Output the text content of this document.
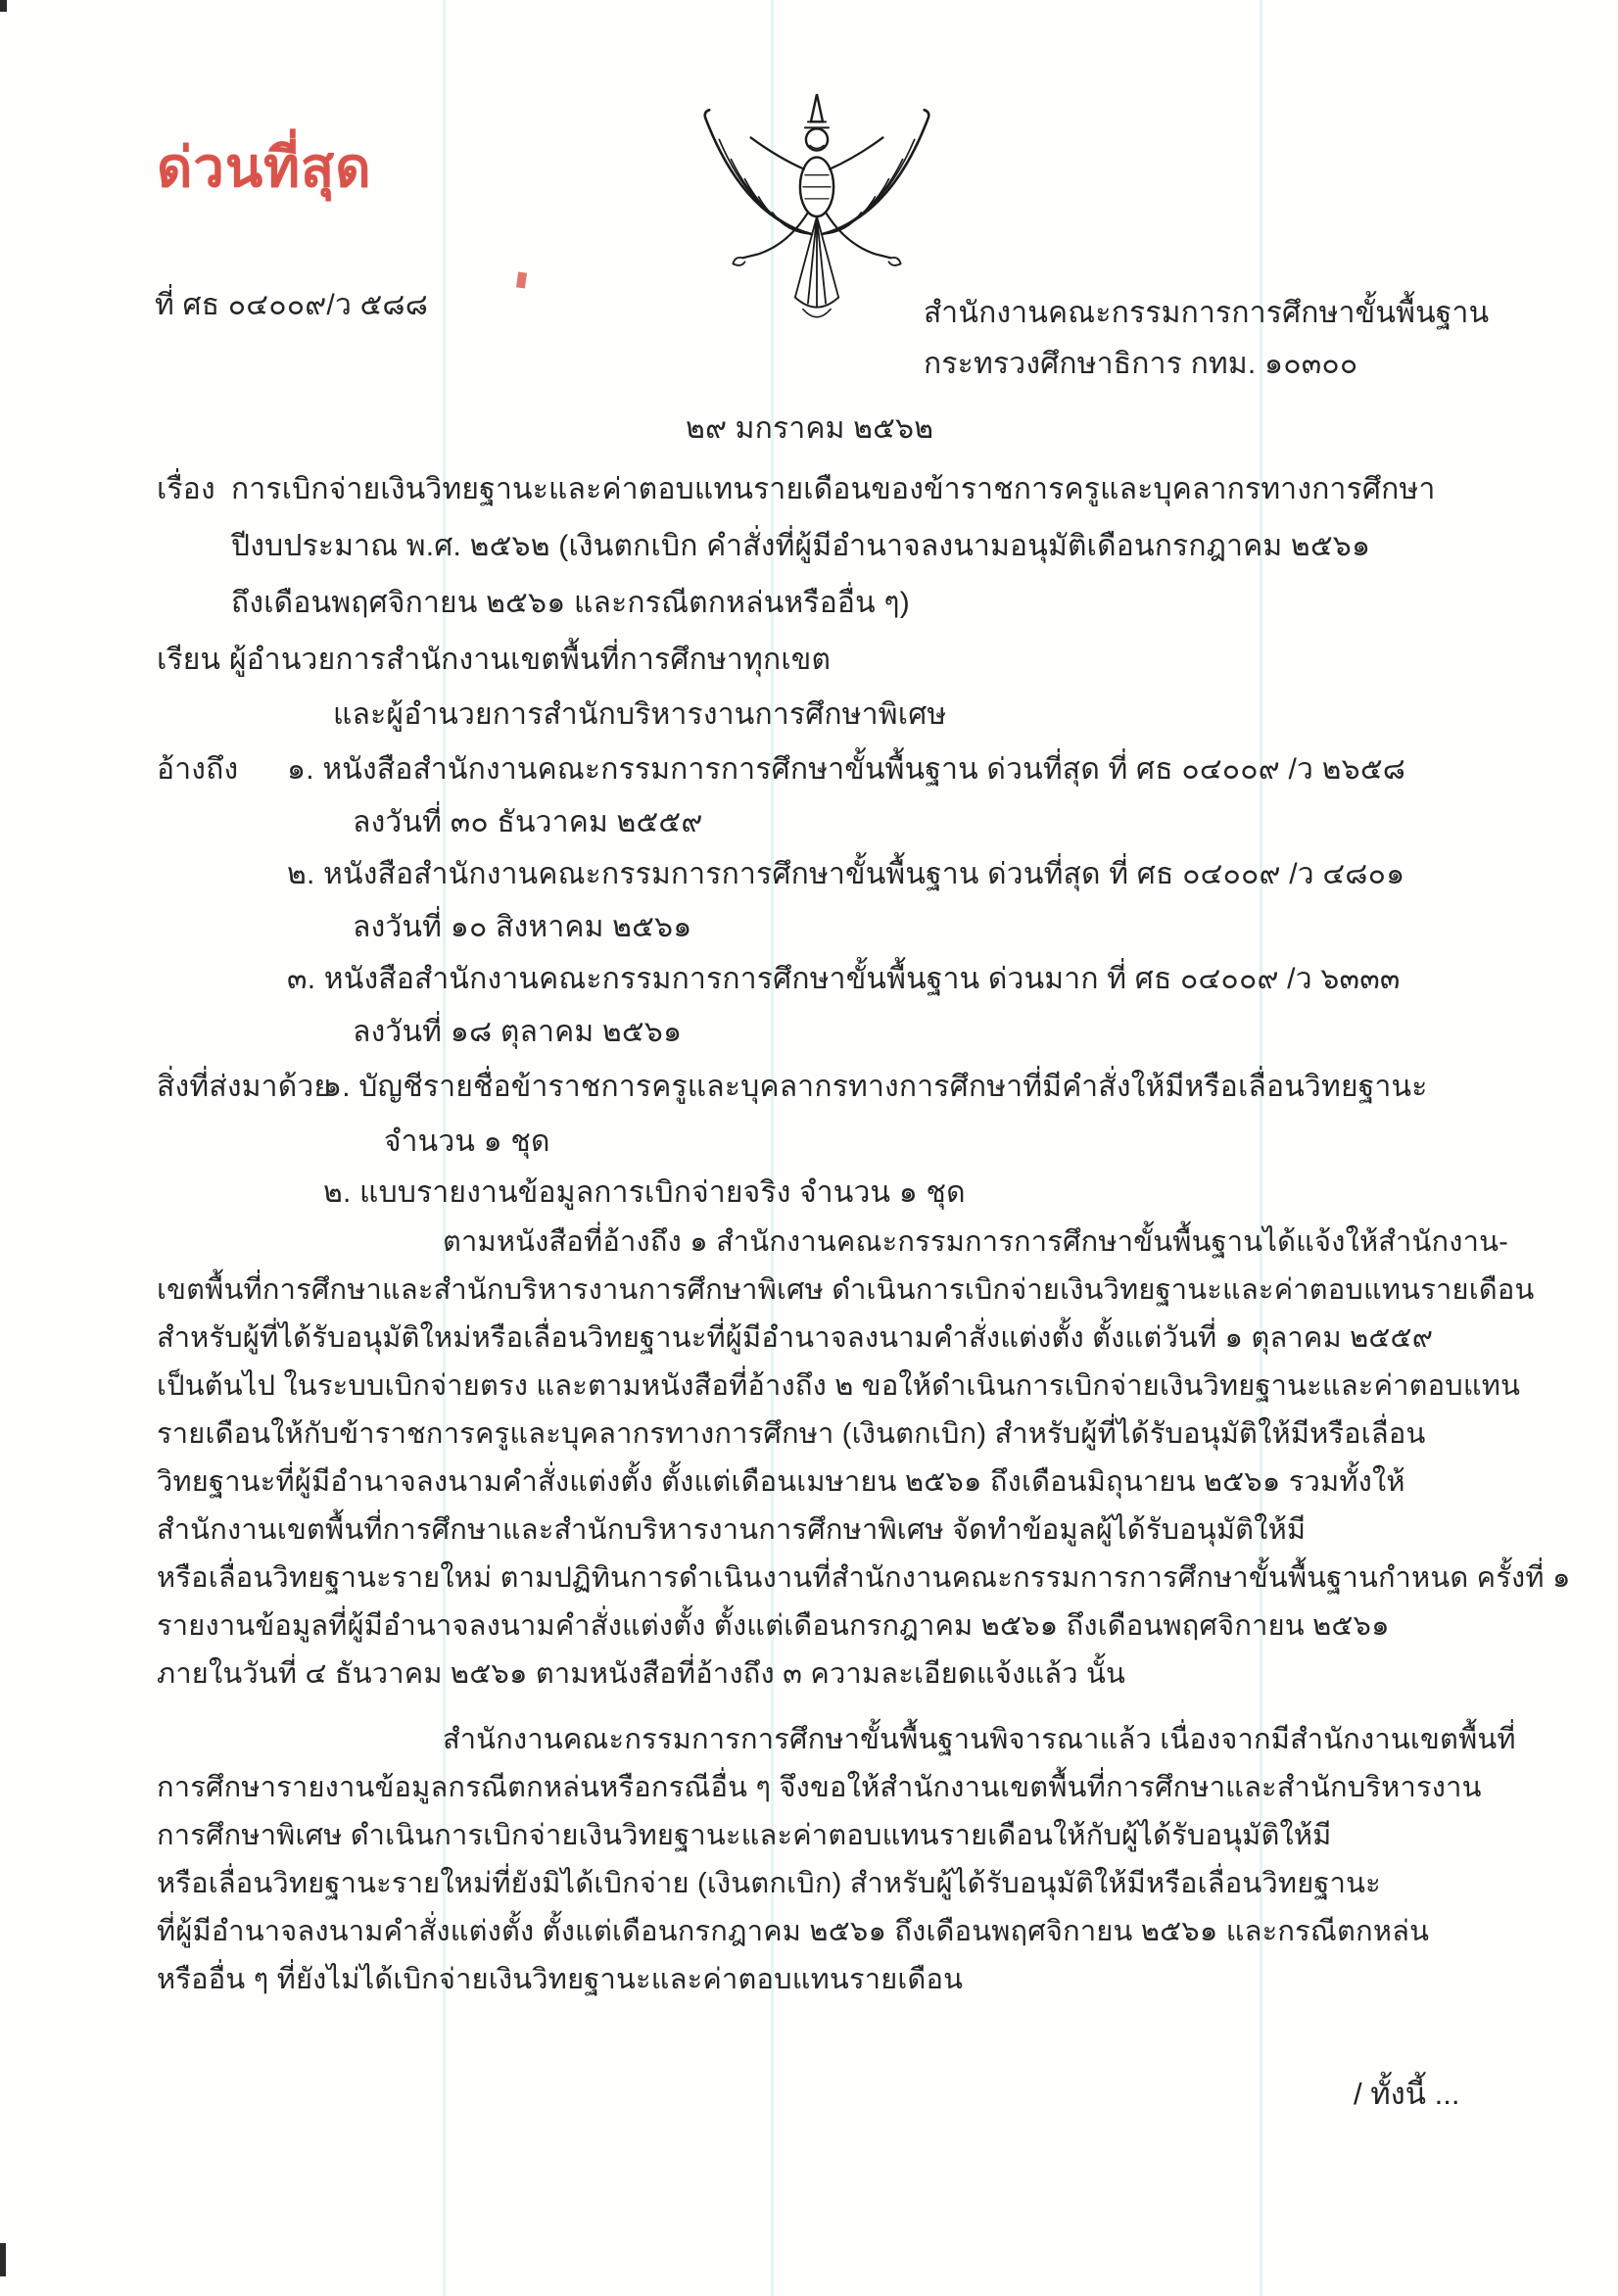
ด่วนที่สุด
ที่ ศธ ๐๔๐๐๙/ว ๕๘๘	สำนักงานคณะกรรมการการศึกษาขั้นพื้นฐาน
กระทรวงศึกษาธิการ กทม. ๑๐๓๐๐
๒๙ มกราคม ๒๕๖๒
เรื่อง การเบิกจ่ายเงินวิทยฐานะและค่าตอบแทนรายเดือนของข้าราชการครูและบุคลากรทางการศึกษา
ปีงบประมาณ พ.ศ. ๒๕๖๒ (เงินตกเบิก คำสั่งที่ผู้มีอำนาจลงนามอนุมัติเดือนกรกฎาคม ๒๕๖๑
ถึงเดือนพฤศจิกายน ๒๕๖๑ และกรณีตกหล่นหรืออื่น ๆ)
เรียน ผู้อำนวยการสำนักงานเขตพื้นที่การศึกษาทุกเขต
และผู้อำนวยการสำนักบริหารงานการศึกษาพิเศษ
อ้างถึง ๑. หนังสือสำนักงานคณะกรรมการการศึกษาขั้นพื้นฐาน ด่วนที่สุด ที่ ศธ ๐๔๐๐๙ /ว ๒๖๕๘
ลงวันที่ ๓๐ ธันวาคม ๒๕๕๙
๒. หนังสือสำนักงานคณะกรรมการการศึกษาขั้นพื้นฐาน ด่วนที่สุด ที่ ศธ ๐๔๐๐๙ /ว ๔๘๐๑
ลงวันที่ ๑๐ สิงหาคม ๒๕๖๑
๓. หนังสือสำนักงานคณะกรรมการการศึกษาขั้นพื้นฐาน ด่วนมาก ที่ ศธ ๐๔๐๐๙ /ว ๖๓๓๓
ลงวันที่ ๑๘ ตุลาคม ๒๕๖๑
สิ่งที่ส่งมาด้วย
๑. บัญชีรายชื่อข้าราชการครูและบุคลากรทางการศึกษาที่มีคำสั่งให้มีหรือเลื่อนวิทยฐานะ
จำนวน ๑ ชุด
๒. แบบรายงานข้อมูลการเบิกจ่ายจริง จำนวน ๑ ชุด
ตามหนังสือที่อ้างถึง ๑ สำนักงานคณะกรรมการการศึกษาขั้นพื้นฐานได้แจ้งให้สำนักงาน-
เขตพื้นที่การศึกษาและสำนักบริหารงานการศึกษาพิเศษ ดำเนินการเบิกจ่ายเงินวิทยฐานะและค่าตอบแทนรายเดือน
สำหรับผู้ที่ได้รับอนุมัติใหม่หรือเลื่อนวิทยฐานะที่ผู้มีอำนาจลงนามคำสั่งแต่งตั้ง ตั้งแต่วันที่ ๑ ตุลาคม ๒๕๕๙
เป็นต้นไป ในระบบเบิกจ่ายตรง และตามหนังสือที่อ้างถึง ๒ ขอให้ดำเนินการเบิกจ่ายเงินวิทยฐานะและค่าตอบแทน
รายเดือนให้กับข้าราชการครูและบุคลากรทางการศึกษา (เงินตกเบิก) สำหรับผู้ที่ได้รับอนุมัติให้มีหรือเลื่อน
วิทยฐานะที่ผู้มีอำนาจลงนามคำสั่งแต่งตั้ง ตั้งแต่เดือนเมษายน ๒๕๖๑ ถึงเดือนมิถุนายน ๒๕๖๑ รวมทั้งให้
สำนักงานเขตพื้นที่การศึกษาและสำนักบริหารงานการศึกษาพิเศษ จัดทำข้อมูลผู้ได้รับอนุมัติให้มี
หรือเลื่อนวิทยฐานะรายใหม่ ตามปฏิทินการดำเนินงานที่สำนักงานคณะกรรมการการศึกษาขั้นพื้นฐานกำหนด ครั้งที่ ๑
รายงานข้อมูลที่ผู้มีอำนาจลงนามคำสั่งแต่งตั้ง ตั้งแต่เดือนกรกฎาคม ๒๕๖๑ ถึงเดือนพฤศจิกายน ๒๕๖๑
ภายในวันที่ ๔ ธันวาคม ๒๕๖๑ ตามหนังสือที่อ้างถึง ๓ ความละเอียดแจ้งแล้ว นั้น
สำนักงานคณะกรรมการการศึกษาขั้นพื้นฐานพิจารณาแล้ว เนื่องจากมีสำนักงานเขตพื้นที่
การศึกษารายงานข้อมูลกรณีตกหล่นหรือกรณีอื่น ๆ จึงขอให้สำนักงานเขตพื้นที่การศึกษาและสำนักบริหารงาน
การศึกษาพิเศษ ดำเนินการเบิกจ่ายเงินวิทยฐานะและค่าตอบแทนรายเดือนให้กับผู้ได้รับอนุมัติให้มี
หรือเลื่อนวิทยฐานะรายใหม่ที่ยังมิได้เบิกจ่าย (เงินตกเบิก) สำหรับผู้ได้รับอนุมัติให้มีหรือเลื่อนวิทยฐานะ
ที่ผู้มีอำนาจลงนามคำสั่งแต่งตั้ง ตั้งแต่เดือนกรกฎาคม ๒๕๖๑ ถึงเดือนพฤศจิกายน ๒๕๖๑ และกรณีตกหล่น
หรืออื่น ๆ ที่ยังไม่ได้เบิกจ่ายเงินวิทยฐานะและค่าตอบแทนรายเดือน
/ ทั้งนี้ ...
